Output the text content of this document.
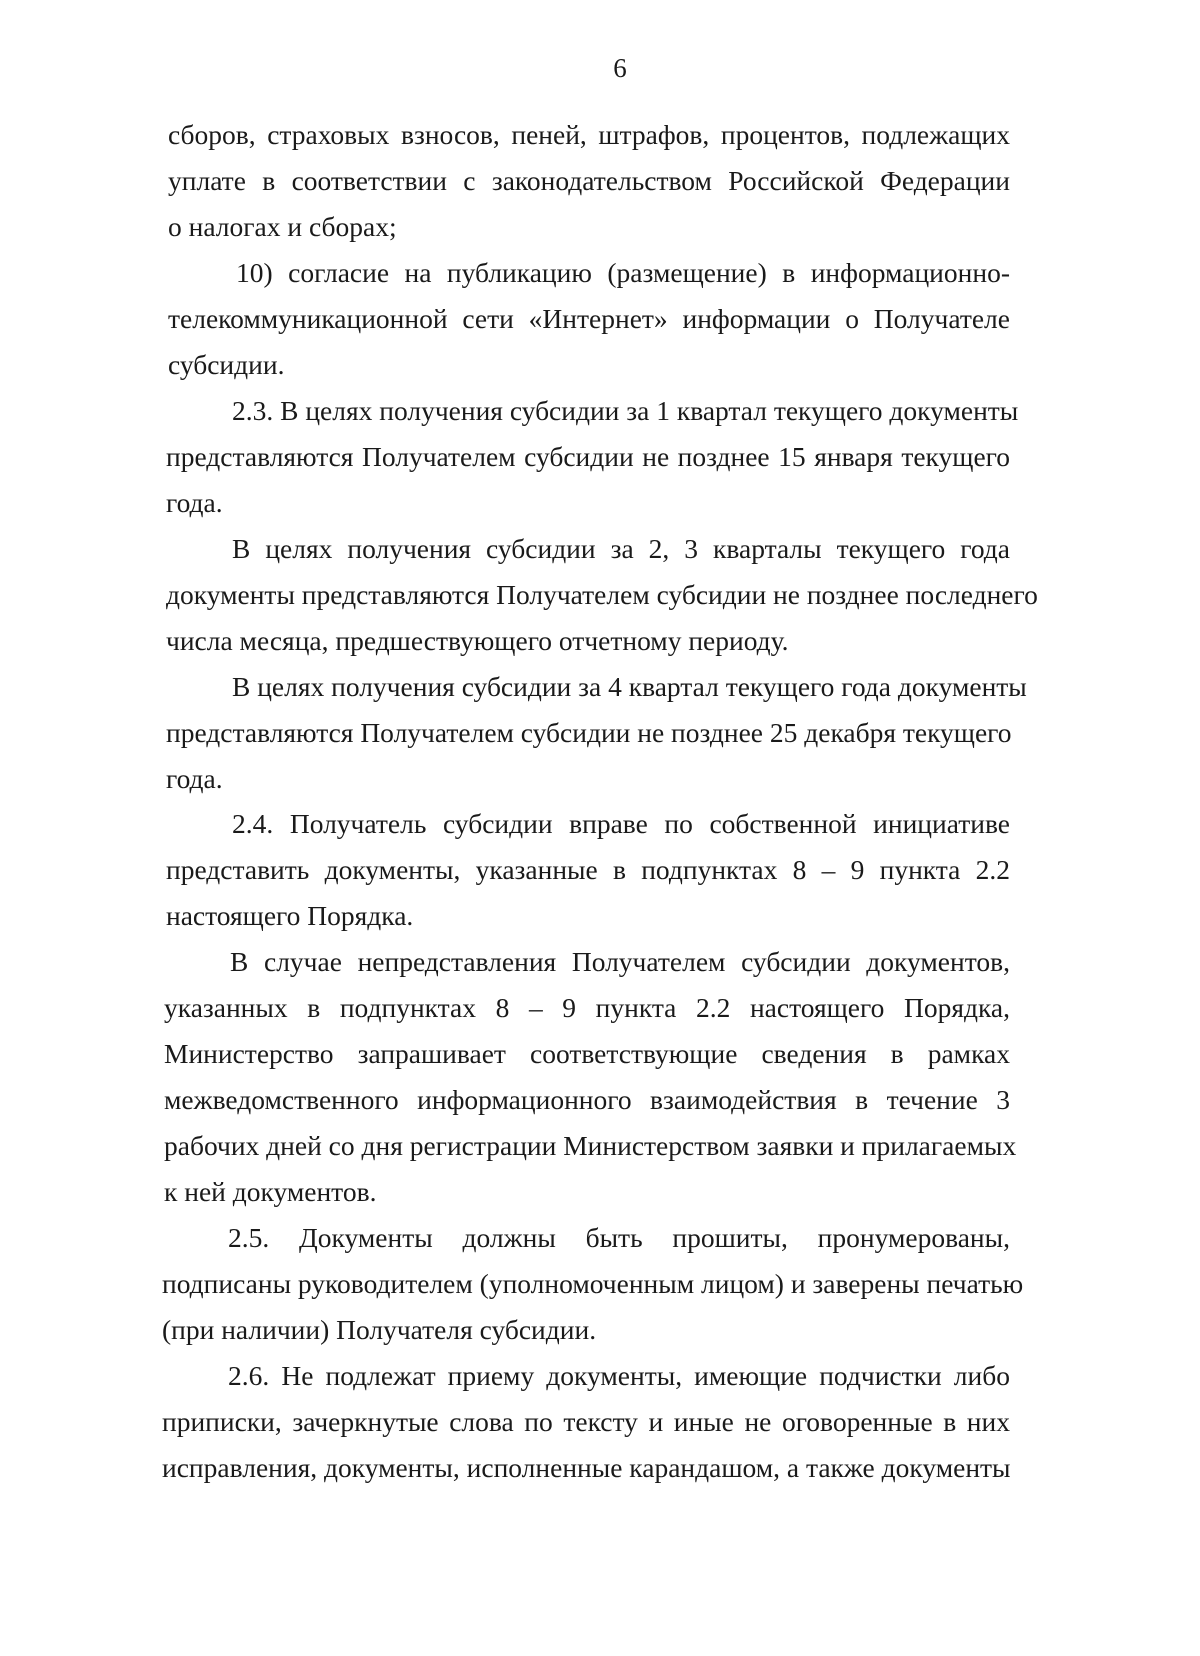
6
сборов, страховых взносов, пеней, штрафов, процентов, подлежащих
уплате в соответствии с законодательством Российской Федерации
о налогах и сборах;
10) согласие на публикацию (размещение) в информационно-
телекоммуникационной сети «Интернет» информации о Получателе
субсидии.
2.3. В целях получения субсидии за 1 квартал текущего документы
представляются Получателем субсидии не позднее 15 января текущего
года.
В целях получения субсидии за 2, 3 кварталы текущего года
документы представляются Получателем субсидии не позднее последнего
числа месяца, предшествующего отчетному периоду.
В целях получения субсидии за 4 квартал текущего года документы
представляются Получателем субсидии не позднее 25 декабря текущего
года.
2.4. Получатель субсидии вправе по собственной инициативе
представить документы, указанные в подпунктах 8 – 9 пункта 2.2
настоящего Порядка.
В случае непредставления Получателем субсидии документов,
указанных в подпунктах 8 – 9 пункта 2.2 настоящего Порядка,
Министерство запрашивает соответствующие сведения в рамках
межведомственного информационного взаимодействия в течение 3
рабочих дней со дня регистрации Министерством заявки и прилагаемых
к ней документов.
2.5. Документы должны быть прошиты, пронумерованы,
подписаны руководителем (уполномоченным лицом) и заверены печатью
(при наличии) Получателя субсидии.
2.6. Не подлежат приему документы, имеющие подчистки либо
приписки, зачеркнутые слова по тексту и иные не оговоренные в них
исправления, документы, исполненные карандашом, а также документы
